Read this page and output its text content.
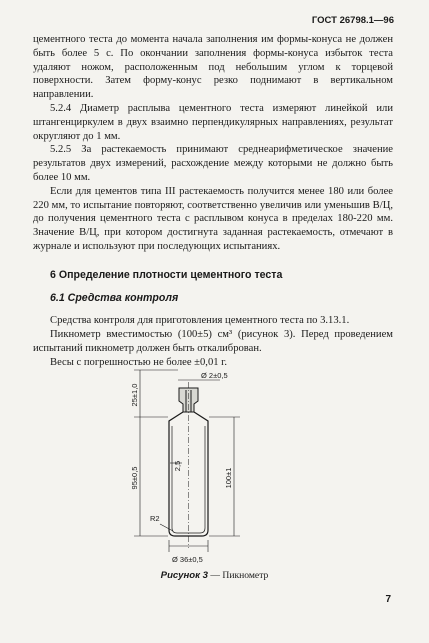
ГОСТ 26798.1—96

цементного теста до момента начала заполнения им формы-конуса не должен быть более 5 с. По окончании заполнения формы-конуса избыток теста удаляют ножом, расположенным под небольшим углом к торцевой поверхности. Затем форму-конус резко поднимают в вертикальном направлении.

5.2.4 Диаметр расплыва цементного теста измеряют линейкой или штангенциркулем в двух взаимно перпендикулярных направлениях, результат округляют до 1 мм.

5.2.5 За растекаемость принимают среднеарифметическое значение результатов двух измерений, расхождение между которыми не должно быть более 10 мм.

Если для цементов типа III растекаемость получится менее 180 или более 220 мм, то испытание повторяют, соответственно увеличив или уменьшив В/Ц, до получения цементного теста с расплывом конуса в пределах 180-220 мм. Значение В/Ц, при котором достигнута заданная растекаемость, отмечают в журнале и используют при последующих испытаниях.

6 Определение плотности цементного теста

6.1 Средства контроля

Средства контроля для приготовления цементного теста по 3.13.1.

Пикнометр вместимостью (100±5) см³ (рисунок 3). Перед проведением испытаний пикнометр должен быть откалиброван.

Весы с погрешностью не более ±0,01 г.

25±1,0
Ø 2±0,5
95±0,5
2,5
100±1
R2
Ø 36±0,5
Рисунок 3 — Пикнометр
7
